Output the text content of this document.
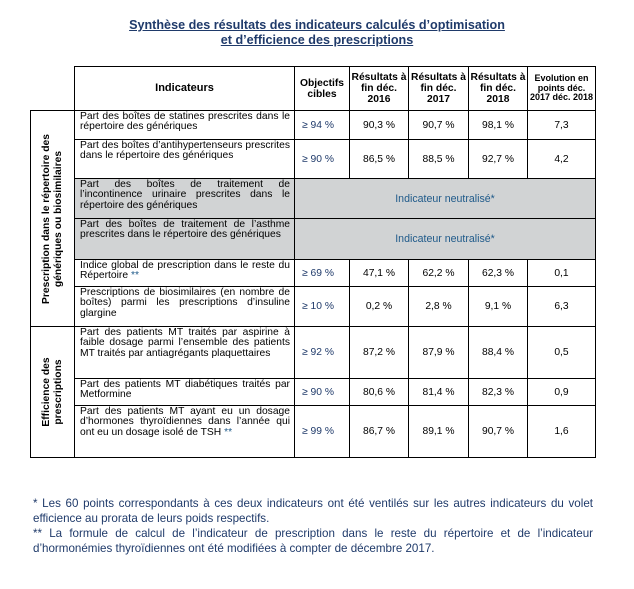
Synthèse des résultats des indicateurs calculés d’optimisation
et d’efficience des prescriptions
	Indicateurs	Objectifs cibles	Résultats à fin déc. 2016	Résultats à fin déc. 2017	Résultats à fin déc. 2018	Evolution en points déc. 2017 déc. 2018

Prescription dans le répertoire des génériques ou biosimilaires	Part des boîtes de statines prescrites dans le répertoire des génériques	≥ 94 %	90,3 %	90,7 %	98,1 %	7,3
	Part des boîtes d’antihypertenseurs prescrites dans le répertoire des génériques	≥ 90 %	86,5 %	88,5 %	92,7 %	4,2
	Part des boîtes de traitement de l’incontinence urinaire prescrites dans le répertoire des génériques	Indicateur neutralisé*				
	Part des boîtes de traitement de l’asthme prescrites dans le répertoire des génériques	Indicateur neutralisé*				
	Indice global de prescription dans le reste du Répertoire **	≥ 69 %	47,1 %	62,2 %	62,3 %	0,1
	Prescriptions de biosimilaires (en nombre de boîtes) parmi les prescriptions d’insuline glargine	≥ 10 %	0,2 %	2,8 %	9,1 %	6,3

Efficience des prescriptions	Part des patients MT traités par aspirine à faible dosage parmi l’ensemble des patients MT traités par antiagrégants plaquettaires	≥ 92 %	87,2 %	87,9 %	88,4 %	0,5
	Part des patients MT diabétiques traités par Metformine	≥ 90 %	80,6 %	81,4 %	82,3 %	0,9
	Part des patients MT ayant eu un dosage d’hormones thyroïdiennes dans l’année qui ont eu un dosage isolé de TSH **	≥ 99 %	86,7 %	89,1 %	90,7 %	1,6

* Les 60 points correspondants à ces deux indicateurs ont été ventilés sur les autres indicateurs du volet efficience au prorata de leurs poids respectifs.

** La formule de calcul de l’indicateur de prescription dans le reste du répertoire et de l’indicateur d’hormonémies thyroïdiennes ont été modifiées à compter de décembre 2017.
